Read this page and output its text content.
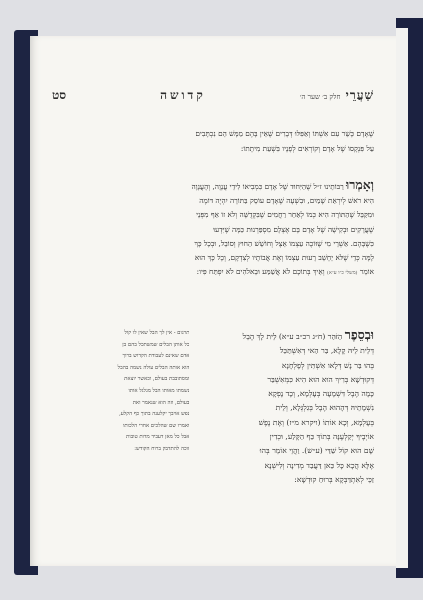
שַׁעֲרֵי חלק ב׳ שער ה׳
קדושה
סט
שֶׁאָדָם כָּשֵׁר עִם אִשְׁתּוֹ וְאַפִּלּוּ דְּבָרִים שֶׁאֵין בָּהֶם מַמָּשׁ הֵם נִכְתָּבִים
עַל פִּנְקָסוֹ שֶׁל אָדָם וְקוֹרְאִים לְפָנָיו בִּשְׁעַת מִיתָתוֹ:
וְאָמְרוּ רַבּוֹתֵינוּ ז״ל שֶׁהַיִּחוּד שֶׁל אָדָם כִּמְבִיאוֹ לִידֵי עֲנָוָה, וְהָעֲנָוָה
הִיא רֹאשׁ לְיִרְאַת שָׁמַיִם, וּבִשְׁעָה שֶׁאָדָם עוֹסֵק בַּתּוֹרָה יִהְיֶה דּוֹמֶה
וּמִקַּבֵּל שֶׁהַתּוֹרָה הִיא כְּמוֹ לְאַחַר רַחֲמִים שֶׁבִּקְדֻשָּׁה וְלֹא זוֹ אַף מִפְּנֵי
שֶׁעֲרָקִים וּבְקִישָׁה שֶׁל אָדָם בָּם אֶצְלָם מִסְפַּרְנוּת כַּמָּה שֶׁיִּדְעוּ
כִּשֶׁבָּהֶם. אַשְׁרֵי מִי שֶׁזּוֹכֶה עַצְמוֹ אֵצֶל וְחוֹשֵׁשׁ הַחוּץ וְסוֹבֵל, וּבְכָל כָּךְ
לָמָּה כְּדֵי שֶׁלֹּא יֵחָשֵׁב רָעוּת עַצְמוֹ וְאֶת אֲבוֹתָיו לְצִדְקָם, וְכָל כָּךְ הוּא
אוֹמֵר (משלי כ״ו ע״א) וְאֵיךְ בְּתוֹכָם לֹא אֲשַׁמַּע וּבֵאלֹהִים לֹא יִפְתַּח פִּיו:
וּבְסֵפֶר הַזֹּהַר (ח״ג רכ״ב ע״א) לֵית לָךְ הֶבֵל
דְּלֵית לֵיהּ קָלָא, בַּר הַאי דְּאִשְׁתַּכַּל
בְּהוּ בַּר נָשׁ דְּלָאו אִשְׁתִּין לְפָלְחָנָא
דְּקוּדְשָׁא בְּרִיךְ הוּא הוּא הִיא כִּמְּאִשְׁבַּר
כָּמָה הֶבֶל דִּשְׁמָעָה בְּעָלְמָא, וְכָד נָפְקָא
נִשְׁמָתֵיהּ דְּהָהוּא הֶבֶל בְּגִלְגְּלָא, וְלֵית
בְּעָלְמָא, וְכָא אוֹתוֹ (ויקרא מ״ז) וְאֶת נֶפֶשׁ
אוֹיְבֶיךָ יְקַלְעֶנָּה בְּתוֹךְ כַּף הַקָּלַע, וּכְדִין
שָׁם הוּא קוֹל שַׁדַּי (ע״ש). וַהֲוֵי אוֹמֵר בְּהוּ
אֶלָּא הֲכָא כָּל כַּאן דַּעֲבַד מְדִינָה וְלִישְׁנָא
זַכֵּי לְאִתְדַּבְּקָא בְּרוּחַ קוּדְשָׁא:
תרגום - אין לך הבל שאין לו קול
כל אותן הבלים שמשתכל בהם בן
אדם שאינם לעבודת הקדוש ברוך
הוא אותה הבלים עולה נשמה בהבל
ומסתובבת בעולם, וכאשר יוצאת
נשמתו מאותו הבל מגלגל אותו
בעולם, וזה הוא שנאמר ואת
נפש אויבך יקלענה בתוך כף הקלע,
ואמרו שם שהלכים אחרי הלכותו
אבל כל מאן דעביד מדות טובות
זוכה להתדבק ברוח הקודש:
